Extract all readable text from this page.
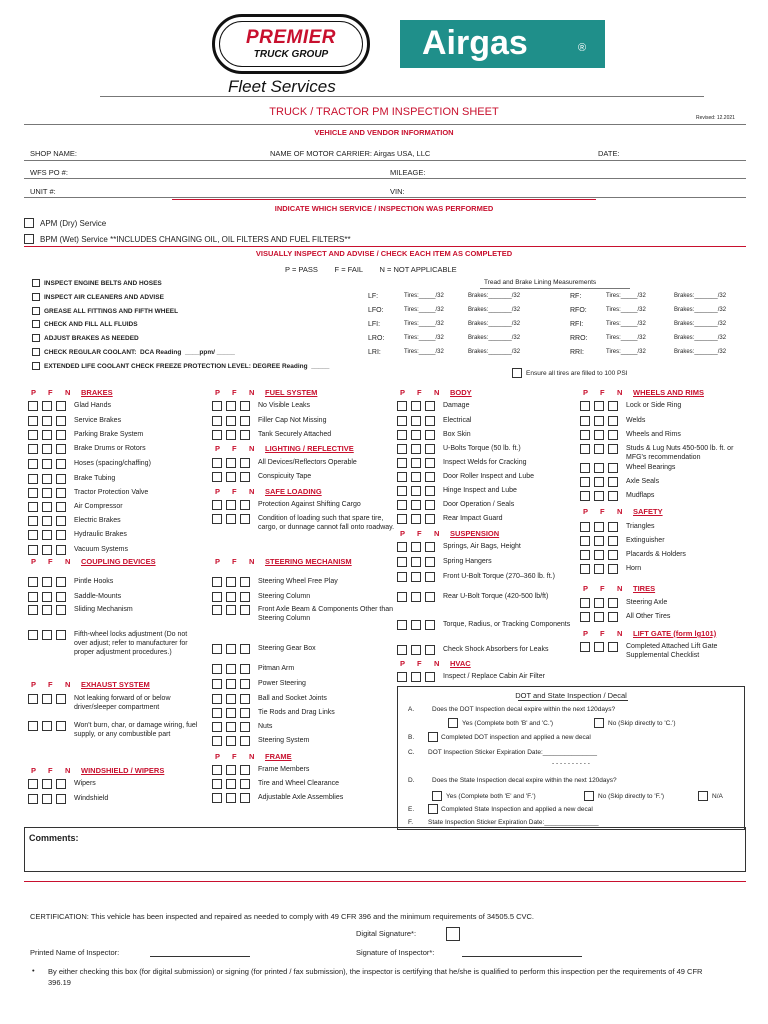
PREMIER
TRUCK GROUP
Fleet Services
Airgas	®
TRUCK / TRACTOR PM INSPECTION SHEET	Revised: 12.2021
VEHICLE AND VENDOR INFORMATION
SHOP NAME:	NAME OF MOTOR CARRIER: Airgas USA, LLC	DATE:
WFS PO #:	MILEAGE:
UNIT #:	VIN:
INDICATE WHICH SERVICE / INSPECTION WAS PERFORMED
APM (Dry) Service
BPM (Wet) Service **INCLUDES CHANGING OIL, OIL FILTERS AND FUEL FILTERS**
VISUALLY INSPECT AND ADVISE / CHECK EACH ITEM AS COMPLETED
P = PASS        F = FAIL        N = NOT APPLICABLE
INSPECT ENGINE BELTS AND HOSES
INSPECT AIR CLEANERS AND ADVISE
GREASE ALL FITTINGS AND FIFTH WHEEL
CHECK AND FILL ALL FLUIDS
ADJUST BRAKES AS NEEDED
CHECK REGULAR COOLANT:  DCA Reading  ____ppm/ _____
EXTENDED LIFE COOLANT CHECK FREEZE PROTECTION LEVEL: DEGREE Reading  _____
Tread and Brake Lining Measurements
LF:	Tires:_____/32	Brakes:_______/32	RF:	Tires:_____/32	Brakes:_______/32
LFO:	Tires:_____/32	Brakes:_______/32	RFO:	Tires:_____/32	Brakes:_______/32
LFI:	Tires:_____/32	Brakes:_______/32	RFI:	Tires:_____/32	Brakes:_______/32
LRO:	Tires:_____/32	Brakes:_______/32	RRO:	Tires:_____/32	Brakes:_______/32
LRI:	Tires:_____/32	Brakes:_______/32	RRI:	Tires:_____/32	Brakes:_______/32
Ensure all tires are filled to 100 PSI
P F N BRAKES
Glad Hands
Service Brakes
Parking Brake System
Brake Drums or Rotors
Hoses (spacing/chaffing)
Brake Tubing
Tractor Protection Valve
Air Compressor
Electric Brakes
Hydraulic Brakes
Vacuum Systems
P F N COUPLING DEVICES
Pintle Hooks
Saddle-Mounts
Sliding Mechanism
Fifth-wheel locks adjustment (Do not over adjust; refer to manufacturer for proper adjustment procedures.)
P F N EXHAUST SYSTEM
Not leaking forward of or below driver/sleeper compartment
Won't burn, char, or damage wiring, fuel supply, or any combustible part
P F N WINDSHIELD / WIPERS
Wipers
Windshield
P F N FUEL SYSTEM
No Visible Leaks
Filler Cap Not Missing
Tank Securely Attached
P F N LIGHTING / REFLECTIVE
All Devices/Reflectors Operable
Conspicuity Tape
P F N SAFE LOADING
Protection Against Shifting Cargo
Condition of loading such that spare tire, cargo, or dunnage cannot fall onto roadway.
P F N STEERING MECHANISM
Steering Wheel Free Play
Steering Column
Front Axle Beam & Components Other than Steering Column
Steering Gear Box
Pitman Arm
Power Steering
Ball and Socket Joints
Tie Rods and Drag Links
Nuts
Steering System
P F N FRAME
Frame Members
Tire and Wheel Clearance
Adjustable Axle Assemblies
P F N BODY
Damage
Electrical
Box Skin
U-Bolts Torque (50 lb. ft.)
Inspect Welds for Cracking
Door Roller Inspect and Lube
Hinge Inspect and Lube
Door Operation / Seals
Rear Impact Guard
P F N SUSPENSION
Springs, Air Bags, Height
Spring Hangers
Front U-Bolt Torque (270–360 lb. ft.)
Rear U-Bolt Torque (420-500 lb/ft)
Torque, Radius, or Tracking Components
Check Shock Absorbers for Leaks
P F N HVAC
Inspect / Replace Cabin Air Filter
P F N WHEELS AND RIMS
Lock or Side Ring
Welds
Wheels and Rims
Studs & Lug Nuts 450-500 lb. ft. or MFG's recommendation
Wheel Bearings
Axle Seals
Mudflaps
P F N SAFETY
Triangles
Extinguisher
Placards & Holders
Horn
P F N TIRES
Steering Axle
All Other Tires
P F N LIFT GATE (form lg101)
Completed Attached Lift Gate Supplemental Checklist
DOT and State Inspection / Decal
A.	Does the DOT Inspection decal expire within the next 120days?
Yes (Complete both 'B' and 'C.')	No (Skip directly to 'C.')
B.	Completed DOT inspection and applied a new decal
C. DOT Inspection Sticker Expiration Date:_______________
- - - - - - - - - -
D.	Does the State Inspection decal expire within the next 120days?
Yes (Complete both 'E' and 'F.')	No (Skip directly to 'F.')	N/A
E.	Completed State Inspection and applied a new decal
F. State Inspection Sticker Expiration Date:_______________
Comments:
CERTIFICATION: This vehicle has been inspected and repaired as needed to comply with 49 CFR 396 and the minimum requirements of 34505.5 CVC.
Digital Signature*:
Printed Name of Inspector:	Signature of Inspector*:
• By either checking this box (for digital submission) or signing (for printed / fax submission), the inspector is certifying that he/she is qualified to perform this inspection per the requirements of 49 CFR 396.19
